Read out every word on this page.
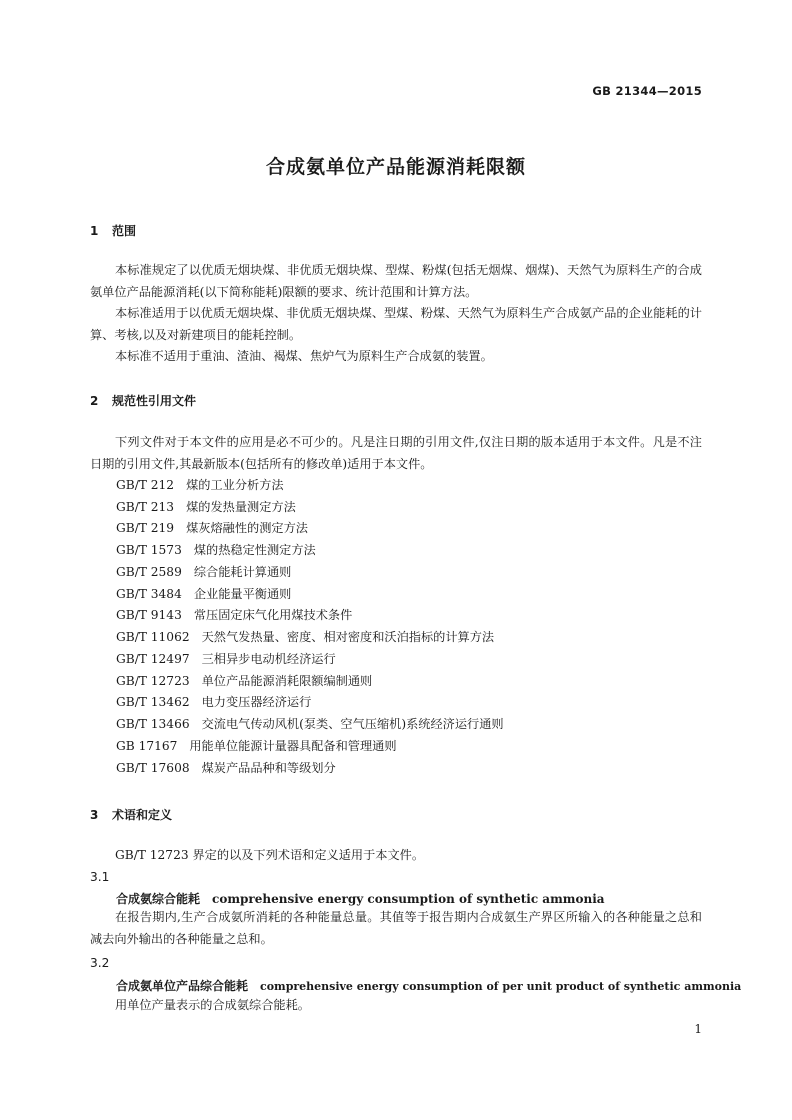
GB 21344—2015
合成氨单位产品能源消耗限额
1 范围
本标准规定了以优质无烟块煤、非优质无烟块煤、型煤、粉煤(包括无烟煤、烟煤)、天然气为原料生产的合成氨单位产品能源消耗(以下简称能耗)限额的要求、统计范围和计算方法。
本标准适用于以优质无烟块煤、非优质无烟块煤、型煤、粉煤、天然气为原料生产合成氨产品的企业能耗的计算、考核,以及对新建项目的能耗控制。
本标准不适用于重油、渣油、褐煤、焦炉气为原料生产合成氨的装置。
2 规范性引用文件
下列文件对于本文件的应用是必不可少的。凡是注日期的引用文件,仅注日期的版本适用于本文件。凡是不注日期的引用文件,其最新版本(包括所有的修改单)适用于本文件。
GB/T 212 煤的工业分析方法
GB/T 213 煤的发热量测定方法
GB/T 219 煤灰熔融性的测定方法
GB/T 1573 煤的热稳定性测定方法
GB/T 2589 综合能耗计算通则
GB/T 3484 企业能量平衡通则
GB/T 9143 常压固定床气化用煤技术条件
GB/T 11062 天然气发热量、密度、相对密度和沃泊指标的计算方法
GB/T 12497 三相异步电动机经济运行
GB/T 12723 单位产品能源消耗限额编制通则
GB/T 13462 电力变压器经济运行
GB/T 13466 交流电气传动风机(泵类、空气压缩机)系统经济运行通则
GB 17167 用能单位能源计量器具配备和管理通则
GB/T 17608 煤炭产品品种和等级划分
3 术语和定义
GB/T 12723 界定的以及下列术语和定义适用于本文件。
3.1
合成氨综合能耗 comprehensive energy consumption of synthetic ammonia
在报告期内,生产合成氨所消耗的各种能量总量。其值等于报告期内合成氨生产界区所输入的各种能量之总和减去向外输出的各种能量之总和。
3.2
合成氨单位产品综合能耗 comprehensive energy consumption of per unit product of synthetic ammonia
用单位产量表示的合成氨综合能耗。
1
